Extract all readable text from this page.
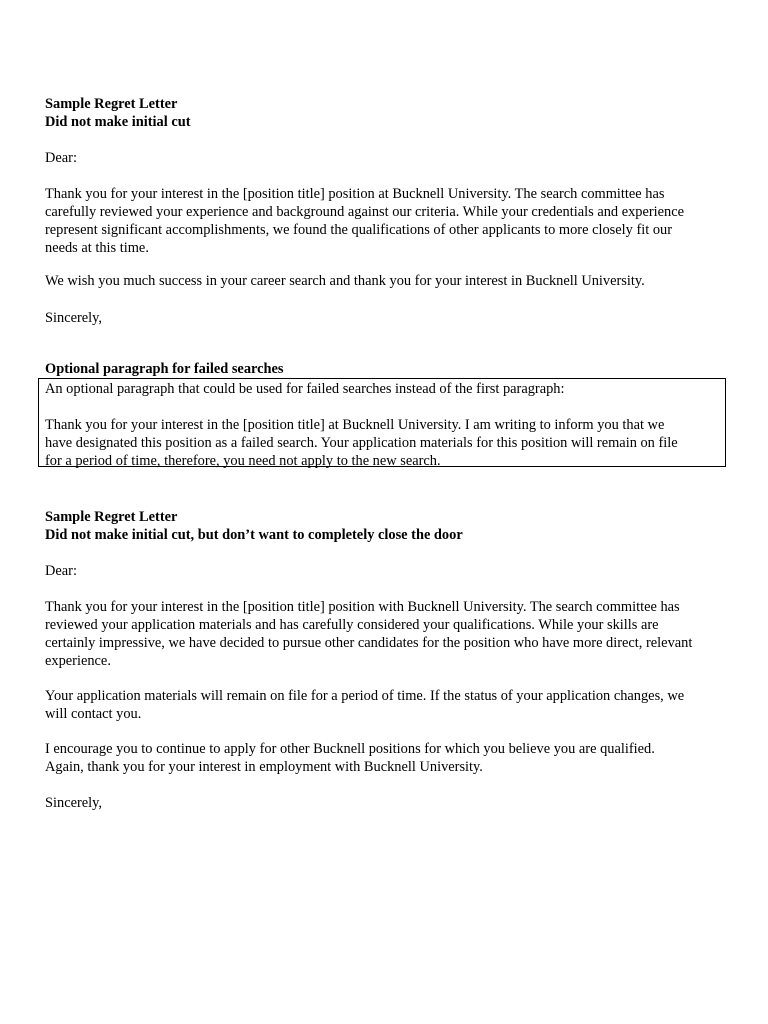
Sample Regret Letter
Did not make initial cut
Dear:
Thank you for your interest in the [position title] position at Bucknell University. The search committee has
carefully reviewed your experience and background against our criteria. While your credentials and experience
represent significant accomplishments, we found the qualifications of other applicants to more closely fit our
needs at this time.
We wish you much success in your career search and thank you for your interest in Bucknell University.
Sincerely,
Optional paragraph for failed searches
An optional paragraph that could be used for failed searches instead of the first paragraph:
Thank you for your interest in the [position title] at Bucknell University. I am writing to inform you that we
have designated this position as a failed search. Your application materials for this position will remain on file
for a period of time, therefore, you need not apply to the new search.
Sample Regret Letter
Did not make initial cut, but don’t want to completely close the door
Dear:
Thank you for your interest in the [position title] position with Bucknell University. The search committee has
reviewed your application materials and has carefully considered your qualifications. While your skills are
certainly impressive, we have decided to pursue other candidates for the position who have more direct, relevant
experience.
Your application materials will remain on file for a period of time. If the status of your application changes, we
will contact you.
I encourage you to continue to apply for other Bucknell positions for which you believe you are qualified.
Again, thank you for your interest in employment with Bucknell University.
Sincerely,
